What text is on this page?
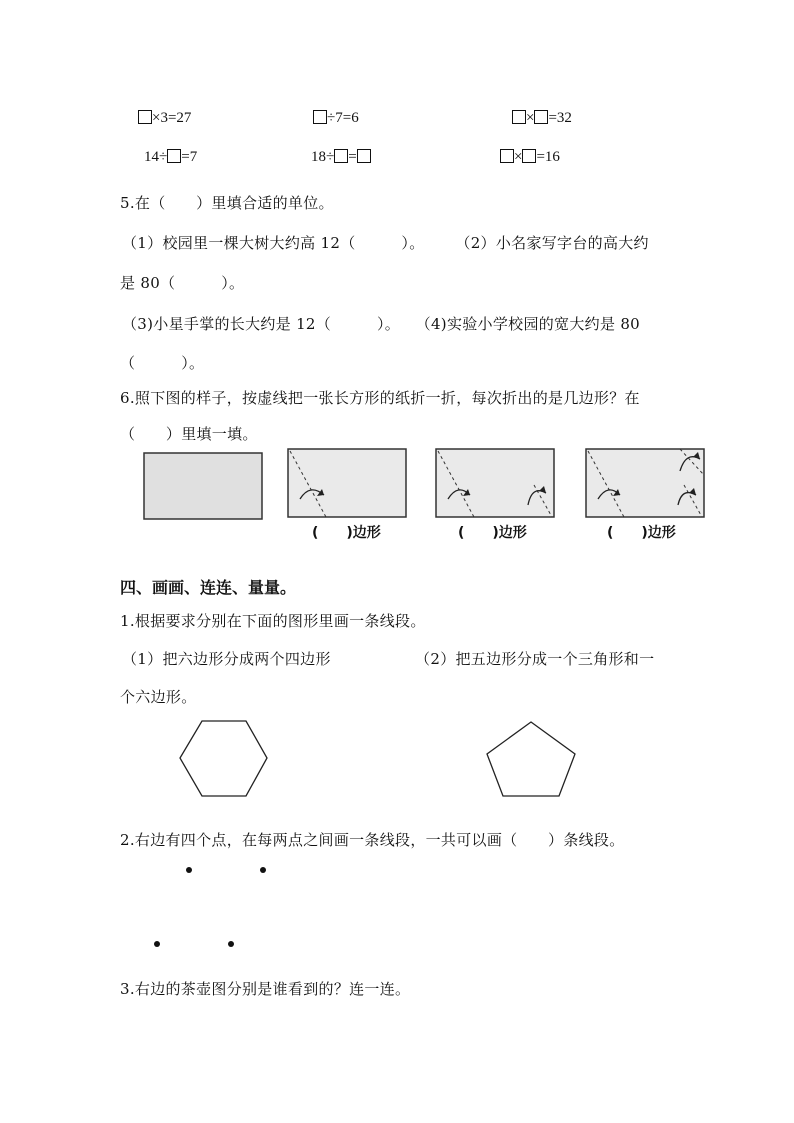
×3=27	÷7=6	× =32
14÷ =7	18÷ =	× =16
5.在（　　）里填合适的单位。
（1）校园里一棵大树大约高 12（　　　）。　　　（2）小名家写字台的高大约
是 80（　　　）。
（3)小星手掌的长大约是 12（　　　）。　　（4)实验小学校园的宽大约是 80
（　　　）。
6.照下图的样子，按虚线把一张长方形的纸折一折，每次折出的是几边形？在
（　　）里填一填。
(　　)边形	(　　)边形	(　　)边形
四、画画、连连、量量。
1.根据要求分别在下面的图形里画一条线段。
（1）把六边形分成两个四边形　　　　　　（2）把五边形分成一个三角形和一
个六边形。
2.右边有四个点，在每两点之间画一条线段，一共可以画（　　）条线段。
3.右边的茶壶图分别是谁看到的？连一连。
